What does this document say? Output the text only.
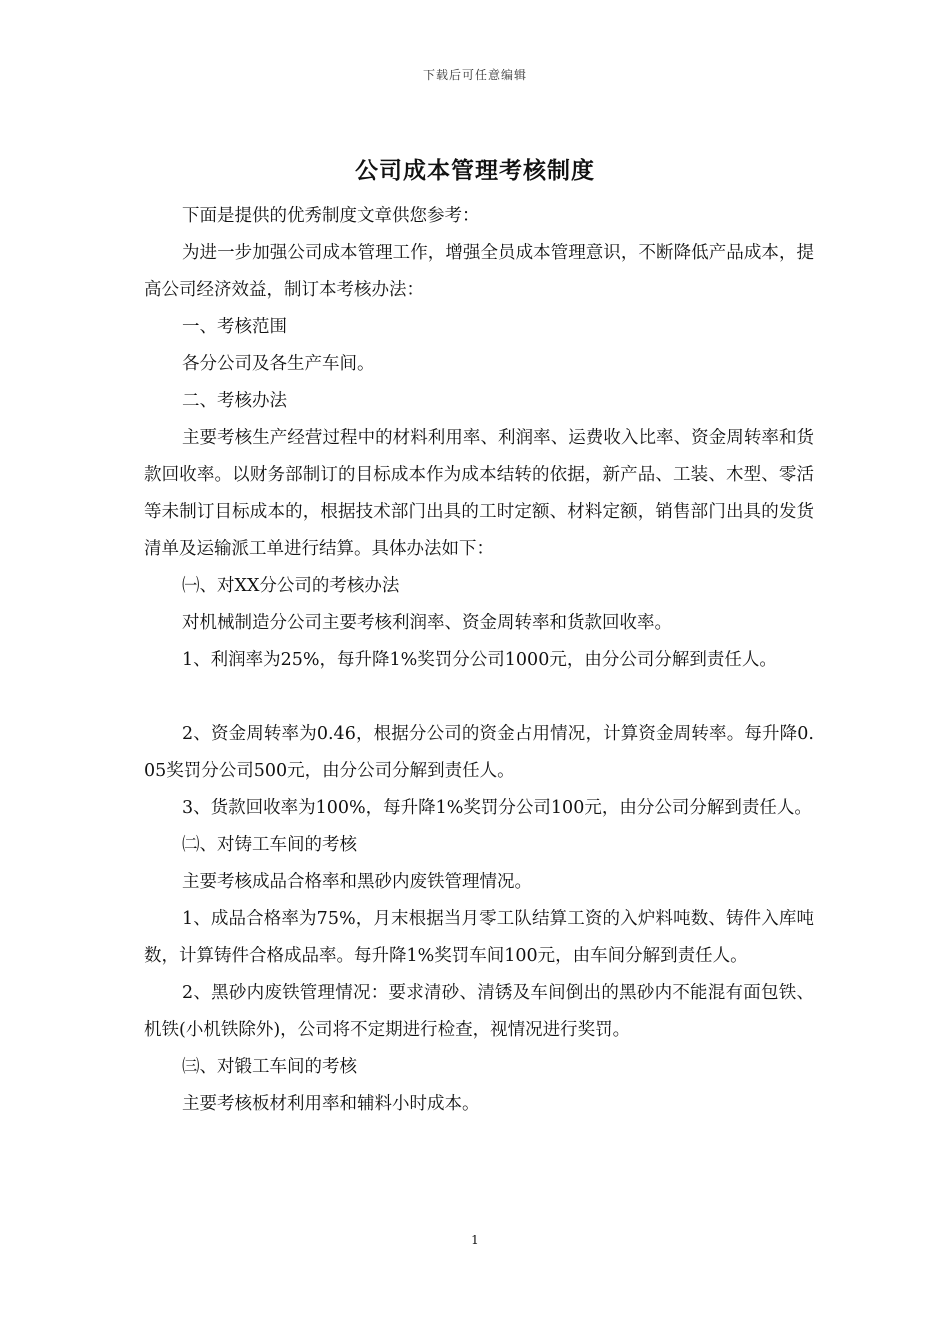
下载后可任意编辑
公司成本管理考核制度

下面是提供的优秀制度文章供您参考：

为进一步加强公司成本管理工作，增强全员成本管理意识，不断降低产品成本，提高公司经济效益，制订本考核办法：

一、考核范围

各分公司及各生产车间。

二、考核办法

主要考核生产经营过程中的材料利用率、利润率、运费收入比率、资金周转率和货款回收率。以财务部制订的目标成本作为成本结转的依据，新产品、工装、木型、零活等未制订目标成本的，根据技术部门出具的工时定额、材料定额，销售部门出具的发货清单及运输派工单进行结算。具体办法如下：

㈠、对XX分公司的考核办法

对机械制造分公司主要考核利润率、资金周转率和货款回收率。

1、利润率为25%，每升降1%奖罚分公司1000元，由分公司分解到责任人。

2、资金周转率为0.46，根据分公司的资金占用情况，计算资金周转率。每升降0.05奖罚分公司500元，由分公司分解到责任人。

3、货款回收率为100%，每升降1%奖罚分公司100元，由分公司分解到责任人。

㈡、对铸工车间的考核

主要考核成品合格率和黑砂内废铁管理情况。

1、成品合格率为75%，月末根据当月零工队结算工资的入炉料吨数、铸件入库吨数，计算铸件合格成品率。每升降1%奖罚车间100元，由车间分解到责任人。

2、黑砂内废铁管理情况：要求清砂、清锈及车间倒出的黑砂内不能混有面包铁、机铁(小机铁除外)，公司将不定期进行检查，视情况进行奖罚。

㈢、对锻工车间的考核

主要考核板材利用率和辅料小时成本。

1
